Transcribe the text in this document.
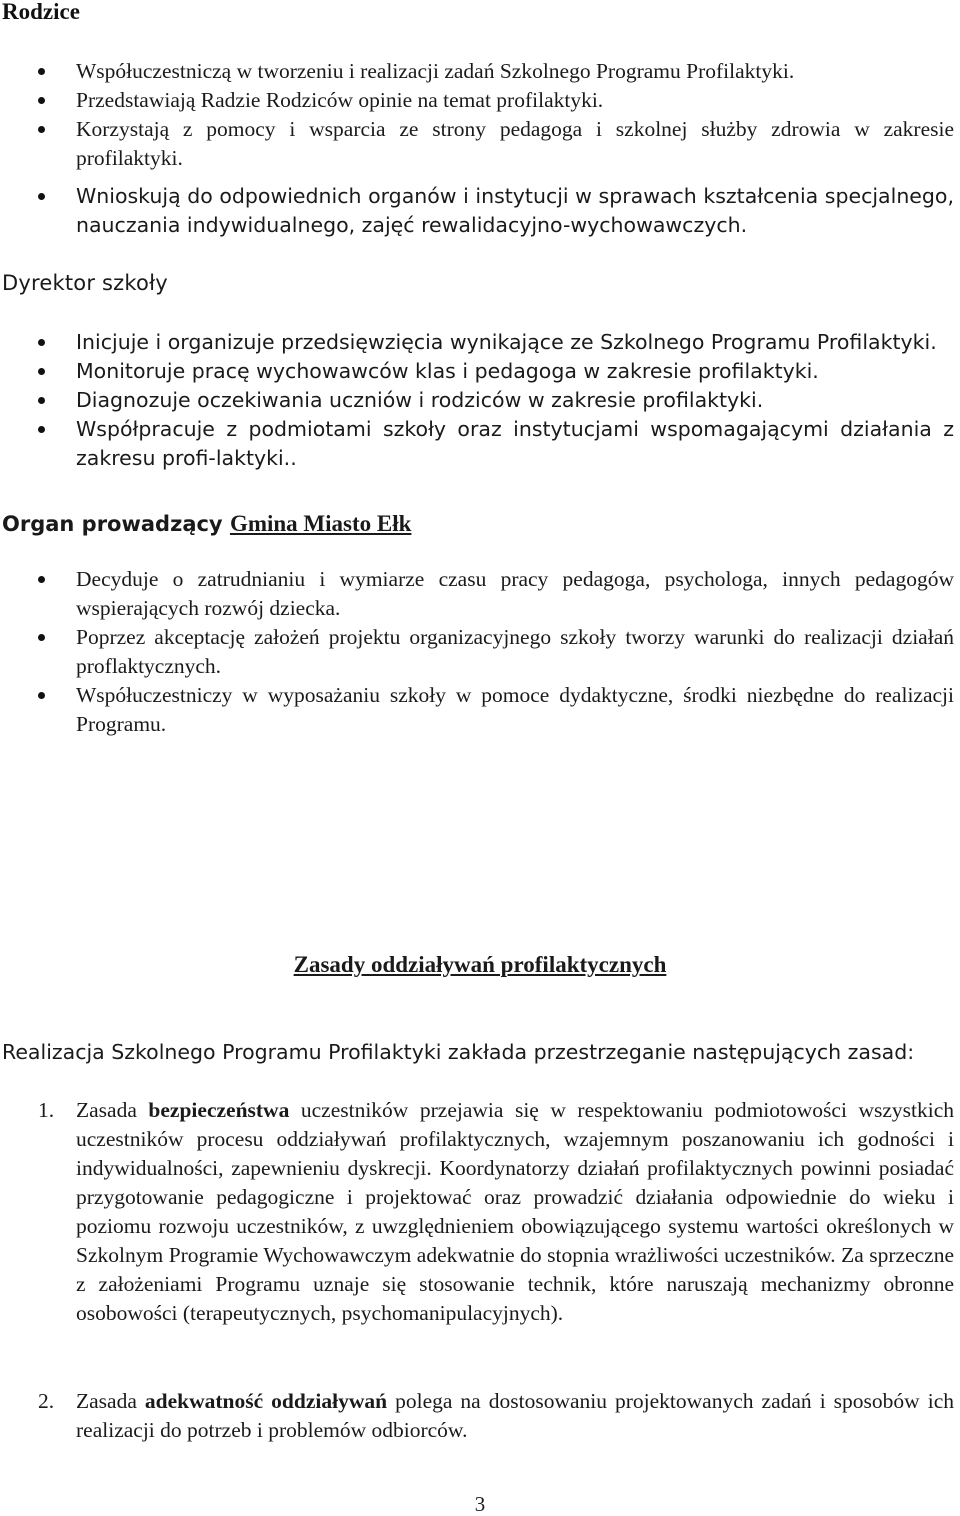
Rodzice
Współuczestniczą w tworzeniu i realizacji zadań Szkolnego Programu Profilaktyki.
Przedstawiają Radzie Rodziców opinie na temat profilaktyki.
Korzystają z pomocy i wsparcia ze strony pedagoga i szkolnej służby zdrowia w zakresie profilaktyki.
Wnioskują do odpowiednich organów i instytucji w sprawach kształcenia specjalnego, nauczania indywidualnego, zajęć rewalidacyjno-wychowawczych.
Dyrektor szkoły
Inicjuje i organizuje przedsięwzięcia wynikające ze Szkolnego Programu Profilaktyki.
Monitoruje pracę wychowawców klas i pedagoga w zakresie profilaktyki.
Diagnozuje oczekiwania uczniów i rodziców w zakresie profilaktyki.
Współpracuje z podmiotami szkoły oraz instytucjami wspomagającymi działania z zakresu profi-laktyki..
Organ prowadzący Gmina Miasto Ełk
Decyduje o zatrudnianiu i wymiarze czasu pracy pedagoga, psychologa, innych pedagogów wspierających rozwój dziecka.
Poprzez akceptację założeń projektu organizacyjnego szkoły tworzy warunki do realizacji działań proflaktycznych.
Współuczestniczy w wyposażaniu szkoły w pomoce dydaktyczne, środki niezbędne do realizacji Programu.
Zasady oddziaływań profilaktycznych

Realizacja Szkolnego Programu Profilaktyki zakłada przestrzeganie następujących zasad:

1. Zasada bezpieczeństwa uczestników przejawia się w respektowaniu podmiotowości wszystkich uczestników procesu oddziaływań profilaktycznych, wzajemnym poszanowaniu ich godności i indywidualności, zapewnieniu dyskrecji. Koordynatorzy działań profilaktycznych powinni posiadać przygotowanie pedagogiczne i projektować oraz prowadzić działania odpowiednie do wieku i poziomu rozwoju uczestników, z uwzględnieniem obowiązującego systemu wartości określonych w Szkolnym Programie Wychowawczym adekwatnie do stopnia wrażliwości uczestników. Za sprzeczne z założeniami Programu uznaje się stosowanie technik, które naruszają mechanizmy obronne osobowości (terapeutycznych, psychomanipulacyjnych).
2. Zasada adekwatność oddziaływań polega na dostosowaniu projektowanych zadań i sposobów ich realizacji do potrzeb i problemów odbiorców.

3
